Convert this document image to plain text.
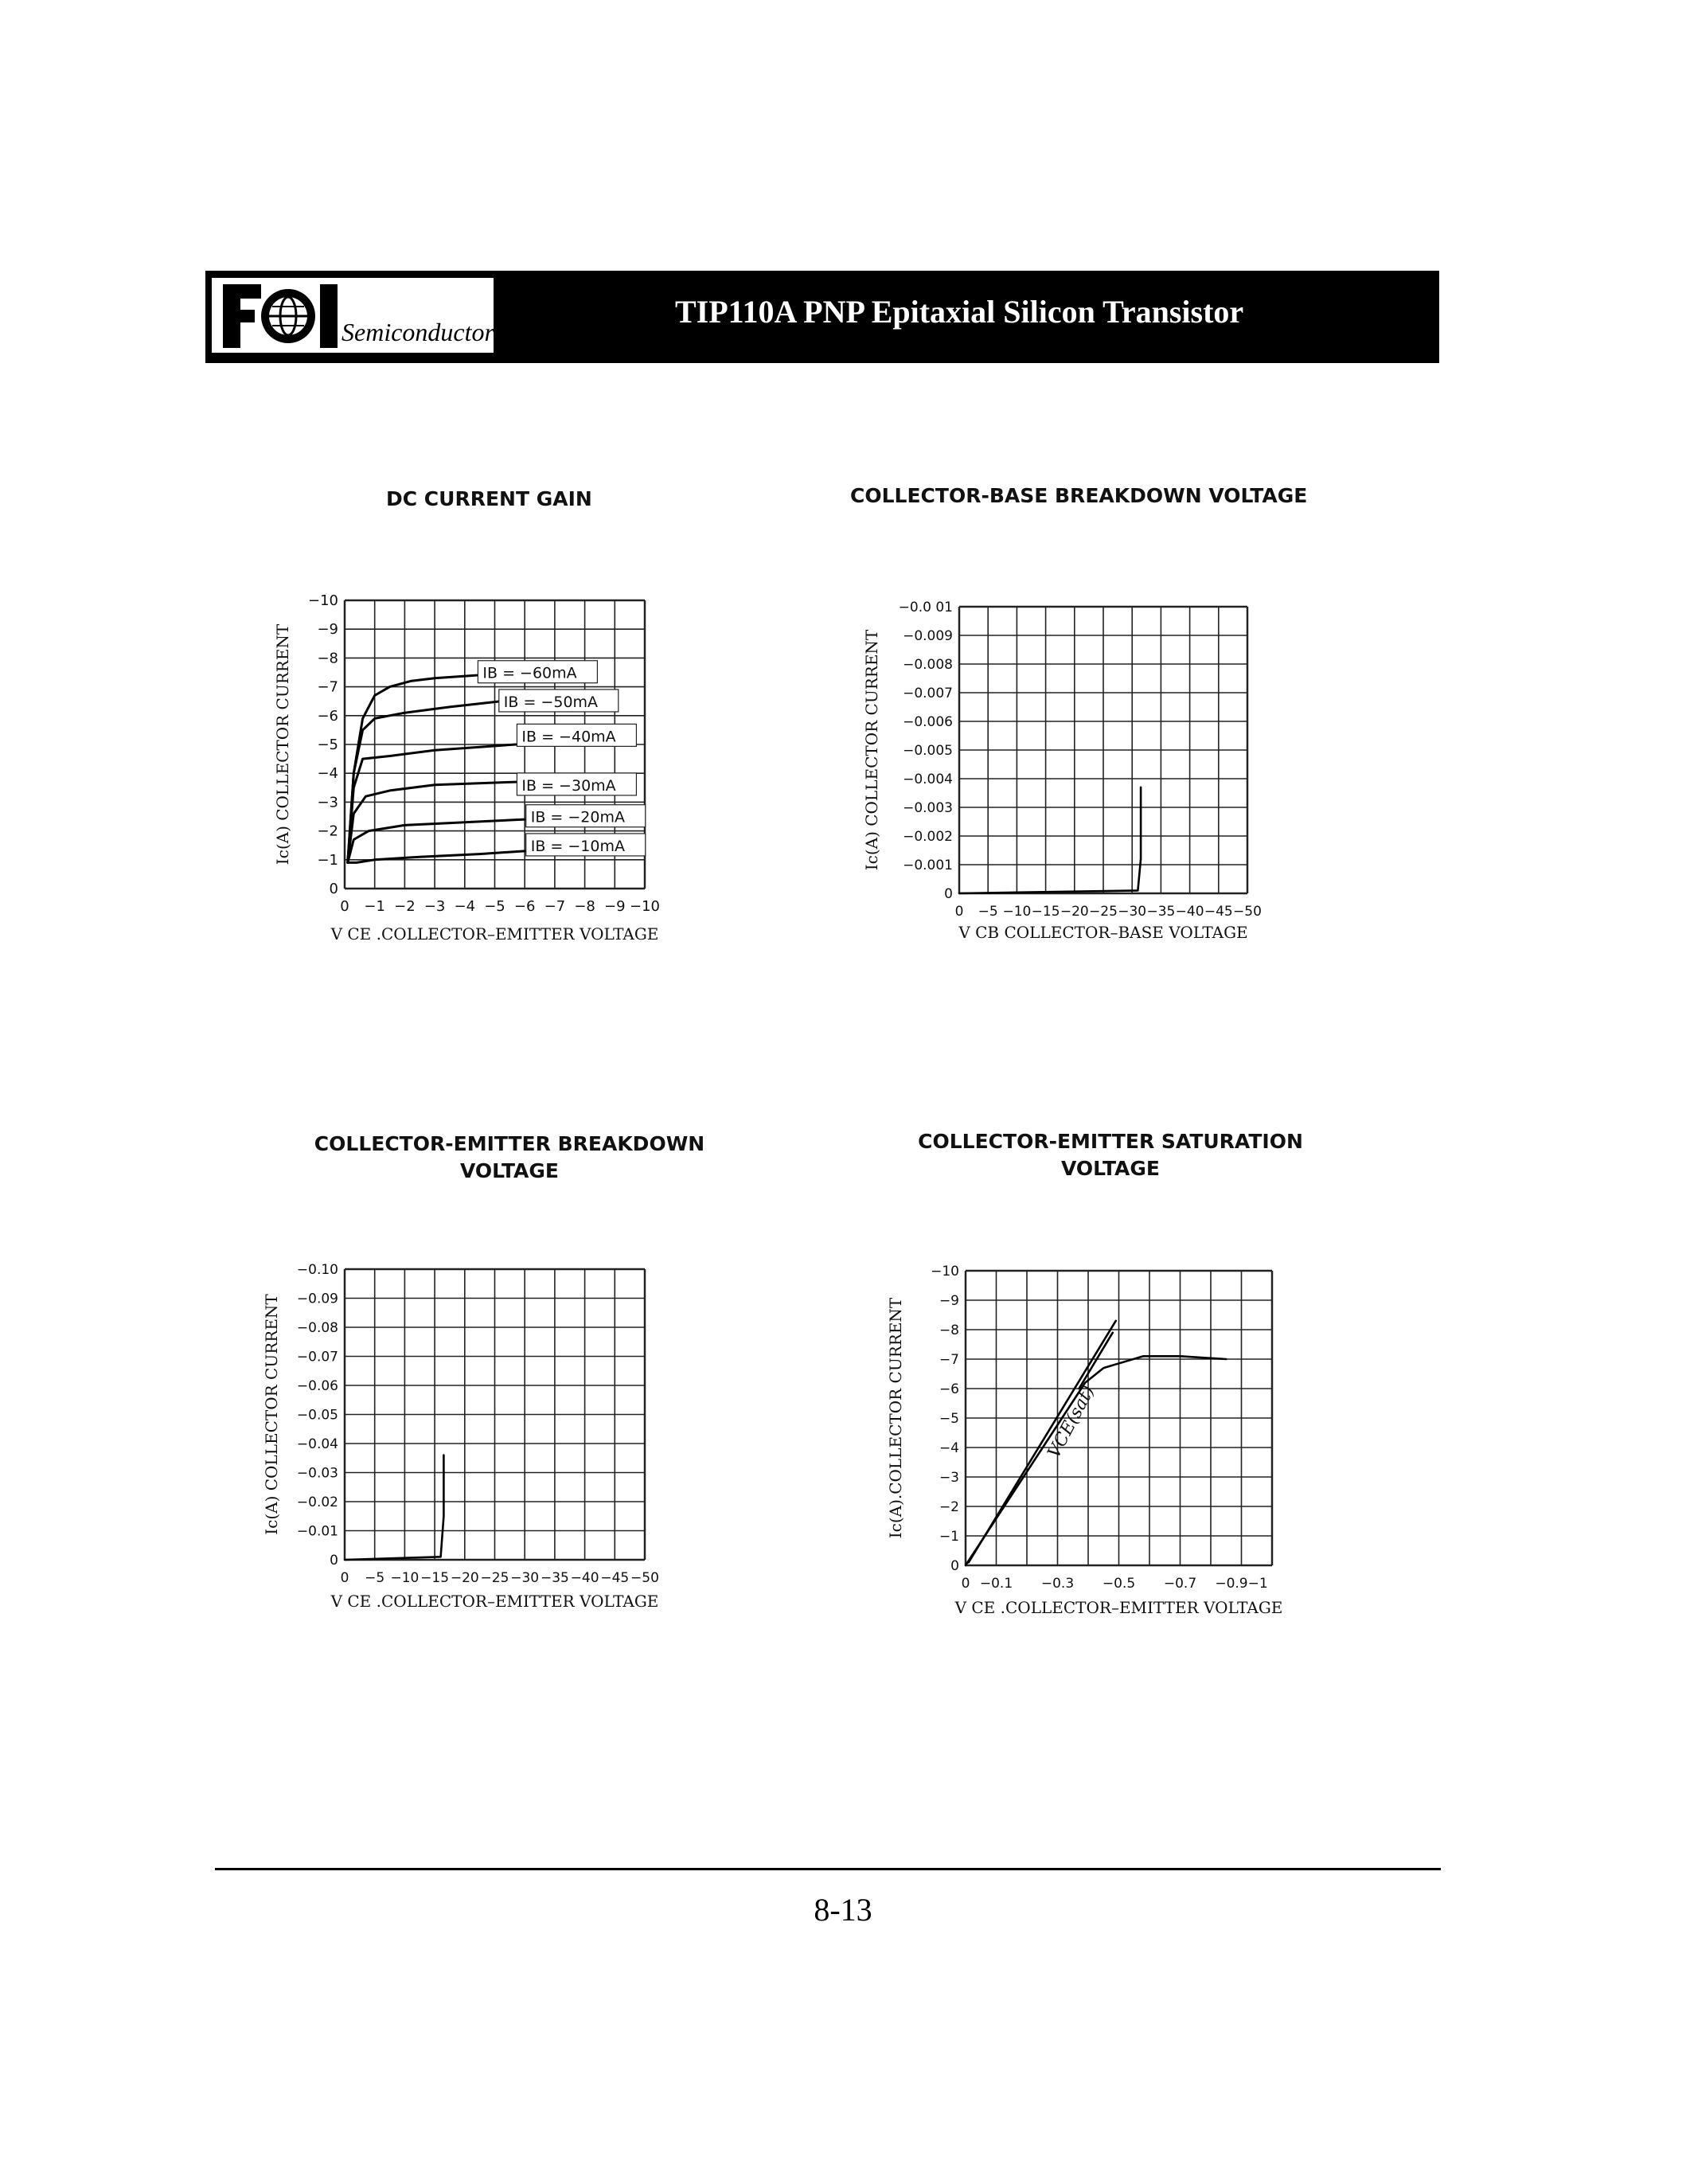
Semiconductor
TIP110A PNP Epitaxial Silicon Transistor
DC CURRENT GAIN	COLLECTOR-BASE BREAKDOWN VOLTAGE
COLLECTOR-EMITTER BREAKDOWN VOLTAGE
COLLECTOR-EMITTER SATURATION VOLTAGE
0
−1
−2
−3
−4
−5
−6
−7
−8
−9
−10
0 −1 −2 −3 −4 −5 −6 −7 −8 −9 −10
V CE .COLLECTOR–EMITTER VOLTAGE
Ic(A) COLLECTOR CURRENT	IB = −60mA
IB = −50mA
IB = −40mA
IB = −30mA
IB = −20mA
IB = −10mA
0
−0.001
−0.002
−0.003
−0.004
−0.005
−0.006
−0.007
−0.008
−0.009
−0.0 01
0 −5 −10 −15 −20 −25 −30 −35 −40 −45 −50
V CB COLLECTOR–BASE VOLTAGE
Ic(A) COLLECTOR CURRENT
0
−0.01
−0.02
−0.03
−0.04
−0.05
−0.06
−0.07
−0.08
−0.09
−0.10
0 −5 −10 −15 −20 −25 −30 −35 −40 −45 −50
V CE .COLLECTOR–EMITTER VOLTAGE
Ic(A) COLLECTOR CURRENT
0
−1
−2
−3
−4
−5
−6
−7
−8
−9
−10
0 −0.1 −0.3 −0.5 −0.7 −0.9−1
V CE .COLLECTOR–EMITTER VOLTAGE
Ic(A).COLLECTOR CURRENT	VCE(sat)
8-13
